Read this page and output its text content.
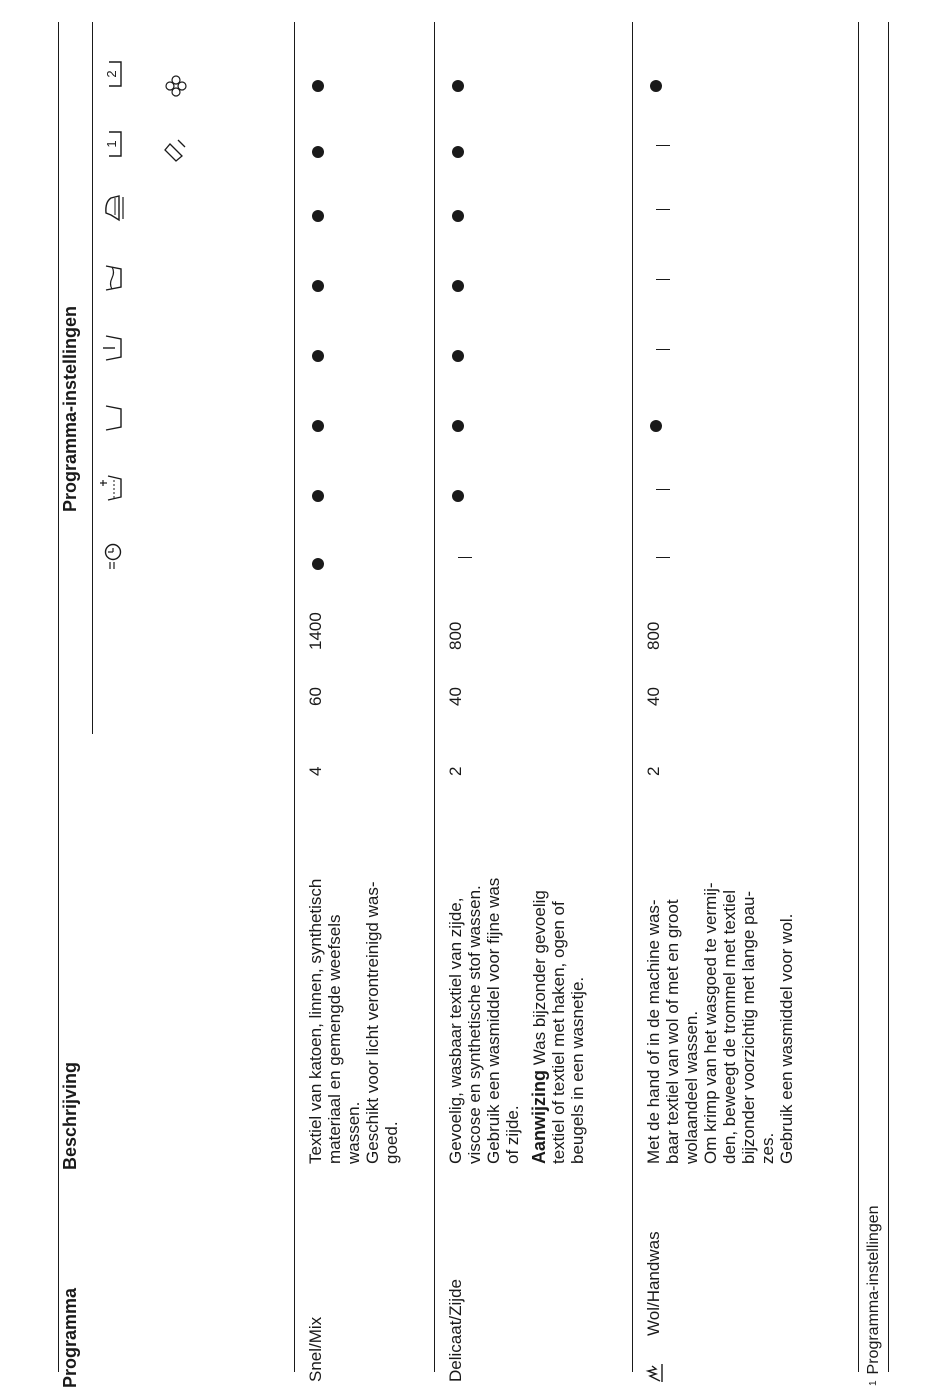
Programma
Beschrijving
Programma-instellingen
1
2
Snel/Mix
Textiel van katoen, linnen, synthetisch materiaal en gemengde weefsels wassen. Geschikt voor licht verontreinigd was- goed.
4
60
1400
Delicaat/Zijde
Gevoelig, wasbaar textiel van zijde, viscose en synthetische stof wassen. Gebruik een wasmiddel voor fijne was of zijde. Aanwijzing Was bijzonder gevoelig textiel of textiel met haken, ogen of beugels in een wasnetje.
2
40
800
Wol/Handwas
Met de hand of in de machine was- baar textiel van wol of met en groot wolaandeel wassen. Om krimp van het wasgoed te vermij- den, beweegt de trommel met textiel bijzonder voorzichtig met lange pau- zes. Gebruik een wasmiddel voor wol.
2
40
800
$^1$Programma-instellingen
